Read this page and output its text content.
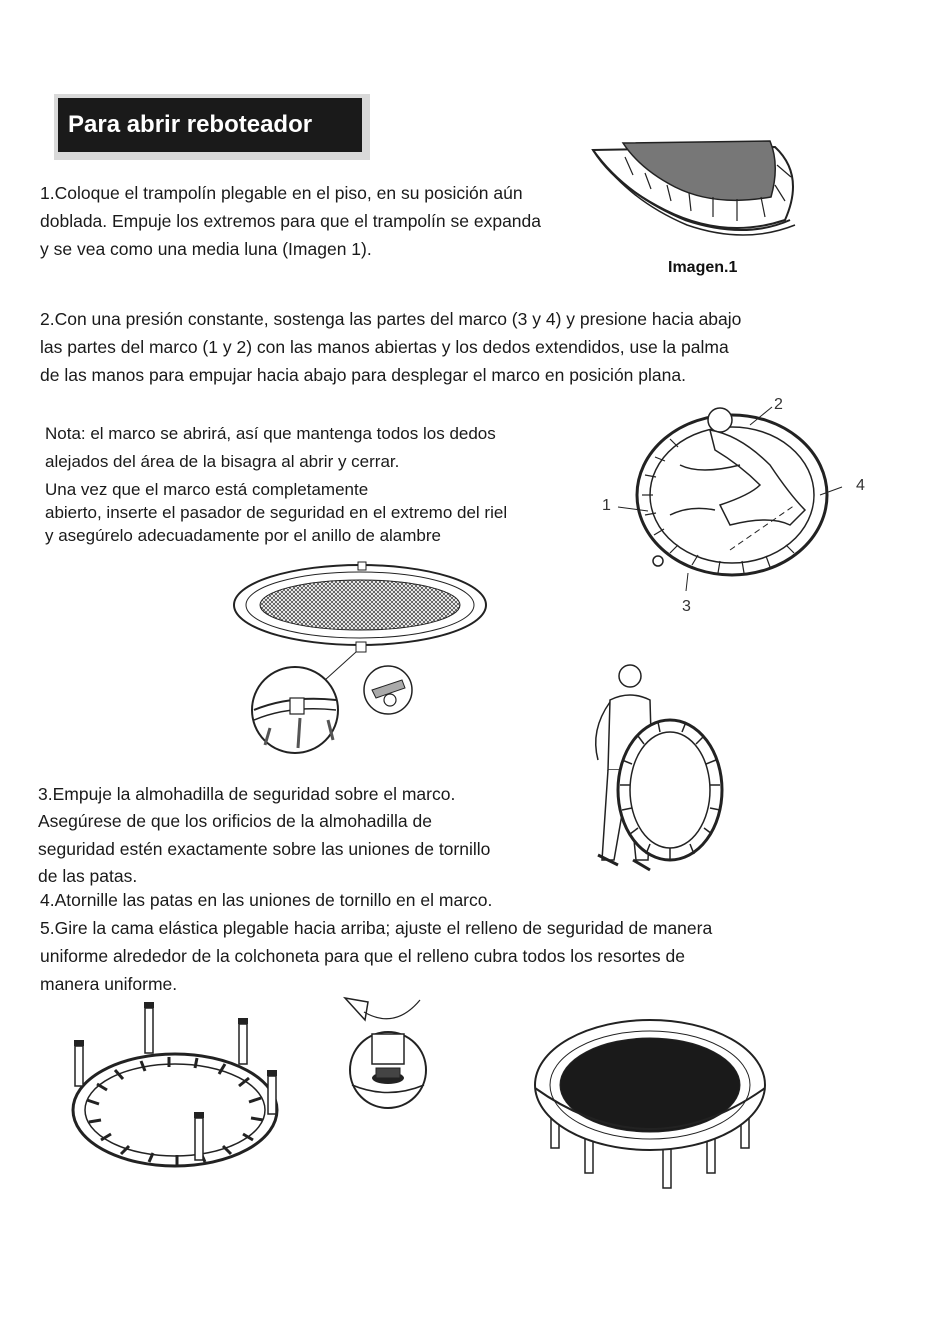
Para abrir reboteador
1.Coloque el trampolín plegable en el piso, en su posición aún
doblada. Empuje los extremos para que el trampolín se expanda
y se vea como una media luna (Imagen 1).
Imagen.1
2.Con una presión constante, sostenga las partes del marco (3 y 4) y presione hacia abajo
las partes del marco (1 y 2) con las manos abiertas y los dedos extendidos, use la palma
de las manos para empujar hacia abajo para desplegar el marco en posición plana.
Nota: el marco se abrirá, así que mantenga todos los dedos
alejados del área de la bisagra al abrir y cerrar.
Una vez que el marco está completamente
abierto, inserte el pasador de seguridad en el extremo del riel
y asegúrelo adecuadamente por el anillo de alambre
1
2
3
4
3.Empuje la almohadilla de seguridad sobre el marco.
Asegúrese de que los orificios de la almohadilla de
seguridad estén exactamente sobre las uniones de tornillo
de las patas.
4.Atornille las patas en las uniones de tornillo en el marco.
5.Gire la cama elástica plegable hacia arriba; ajuste el relleno de seguridad de manera
uniforme alrededor de la colchoneta para que el relleno cubra todos los resortes de
manera uniforme.
